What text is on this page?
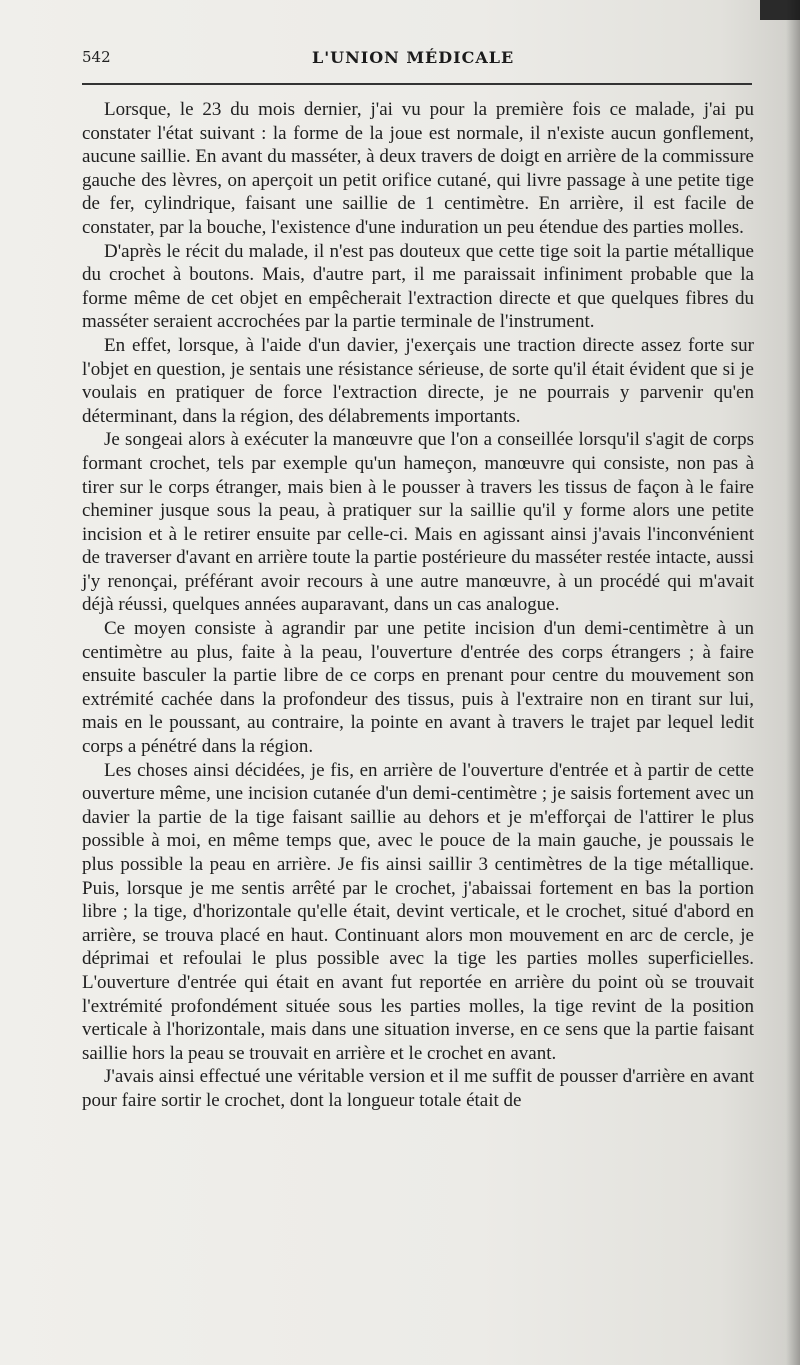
542	L'UNION MÉDICALE

Lorsque, le 23 du mois dernier, j'ai vu pour la première fois ce malade, j'ai pu constater l'état suivant : la forme de la joue est normale, il n'existe aucun gonflement, aucune saillie. En avant du masséter, à deux travers de doigt en arrière de la commissure gauche des lèvres, on aperçoit un petit orifice cutané, qui livre passage à une petite tige de fer, cylindrique, faisant une saillie de 1 centimètre. En arrière, il est facile de constater, par la bouche, l'existence d'une induration un peu étendue des parties molles.

D'après le récit du malade, il n'est pas douteux que cette tige soit la partie métallique du crochet à boutons. Mais, d'autre part, il me paraissait infiniment probable que la forme même de cet objet en empêcherait l'extraction directe et que quelques fibres du masséter seraient accrochées par la partie terminale de l'instrument.

En effet, lorsque, à l'aide d'un davier, j'exerçais une traction directe assez forte sur l'objet en question, je sentais une résistance sérieuse, de sorte qu'il était évident que si je voulais en pratiquer de force l'extraction directe, je ne pourrais y parvenir qu'en déterminant, dans la région, des délabrements importants.

Je songeai alors à exécuter la manœuvre que l'on a conseillée lorsqu'il s'agit de corps formant crochet, tels par exemple qu'un hameçon, manœuvre qui consiste, non pas à tirer sur le corps étranger, mais bien à le pousser à travers les tissus de façon à le faire cheminer jusque sous la peau, à pratiquer sur la saillie qu'il y forme alors une petite incision et à le retirer ensuite par celle-ci. Mais en agissant ainsi j'avais l'inconvénient de traverser d'avant en arrière toute la partie postérieure du masséter restée intacte, aussi j'y renonçai, préférant avoir recours à une autre manœuvre, à un procédé qui m'avait déjà réussi, quelques années auparavant, dans un cas analogue.

Ce moyen consiste à agrandir par une petite incision d'un demi-centimètre à un centimètre au plus, faite à la peau, l'ouverture d'entrée des corps étrangers ; à faire ensuite basculer la partie libre de ce corps en prenant pour centre du mouvement son extrémité cachée dans la profondeur des tissus, puis à l'extraire non en tirant sur lui, mais en le poussant, au contraire, la pointe en avant à travers le trajet par lequel ledit corps a pénétré dans la région.

Les choses ainsi décidées, je fis, en arrière de l'ouverture d'entrée et à partir de cette ouverture même, une incision cutanée d'un demi-centimètre ; je saisis fortement avec un davier la partie de la tige faisant saillie au dehors et je m'efforçai de l'attirer le plus possible à moi, en même temps que, avec le pouce de la main gauche, je poussais le plus possible la peau en arrière. Je fis ainsi saillir 3 centimètres de la tige métallique. Puis, lorsque je me sentis arrêté par le crochet, j'abaissai fortement en bas la portion libre ; la tige, d'horizontale qu'elle était, devint verticale, et le crochet, situé d'abord en arrière, se trouva placé en haut. Continuant alors mon mouvement en arc de cercle, je déprimai et refoulai le plus possible avec la tige les parties molles superficielles. L'ouverture d'entrée qui était en avant fut reportée en arrière du point où se trouvait l'extrémité profondément située sous les parties molles, la tige revint de la position verticale à l'horizontale, mais dans une situation inverse, en ce sens que la partie faisant saillie hors la peau se trouvait en arrière et le crochet en avant.

J'avais ainsi effectué une véritable version et il me suffit de pousser d'arrière en avant pour faire sortir le crochet, dont la longueur totale était de
